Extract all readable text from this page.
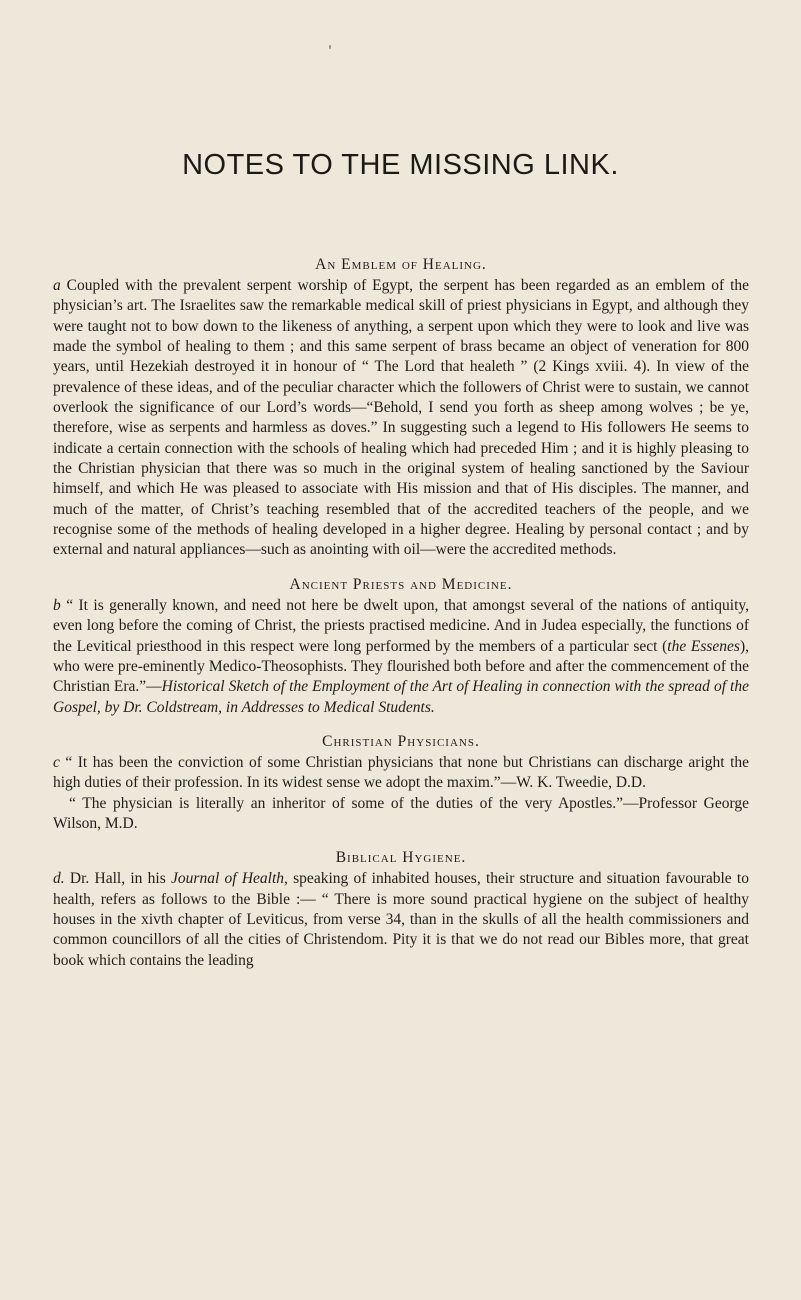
NOTES TO THE MISSING LINK.
An Emblem of Healing.

a Coupled with the prevalent serpent worship of Egypt, the serpent has been regarded as an emblem of the physician’s art. The Israelites saw the remarkable medical skill of priest physicians in Egypt, and although they were taught not to bow down to the likeness of anything, a serpent upon which they were to look and live was made the symbol of healing to them ; and this same serpent of brass became an object of veneration for 800 years, until Hezekiah destroyed it in honour of “ The Lord that healeth ” (2 Kings xviii. 4). In view of the prevalence of these ideas, and of the peculiar character which the followers of Christ were to sustain, we cannot overlook the significance of our Lord’s words—“Behold, I send you forth as sheep among wolves ; be ye, therefore, wise as serpents and harmless as doves.” In suggesting such a legend to His followers He seems to indicate a certain connection with the schools of healing which had preceded Him ; and it is highly pleasing to the Christian physician that there was so much in the original system of healing sanctioned by the Saviour himself, and which He was pleased to associate with His mission and that of His disciples. The manner, and much of the matter, of Christ’s teaching resembled that of the accredited teachers of the people, and we recognise some of the methods of healing developed in a higher degree. Healing by personal contact ; and by external and natural appliances—such as anointing with oil—were the accredited methods.

Ancient Priests and Medicine.

b “ It is generally known, and need not here be dwelt upon, that amongst several of the nations of antiquity, even long before the coming of Christ, the priests practised medicine. And in Judea especially, the functions of the Levitical priesthood in this respect were long performed by the members of a particular sect (the Essenes), who were pre-eminently Medico-Theosophists. They flourished both before and after the commencement of the Christian Era.”—Historical Sketch of the Employment of the Art of Healing in connection with the spread of the Gospel, by Dr. Coldstream, in Addresses to Medical Students.

Christian Physicians.

c “ It has been the conviction of some Christian physicians that none but Christians can discharge aright the high duties of their profession. In its widest sense we adopt the maxim.”—W. K. Tweedie, D.D.

“ The physician is literally an inheritor of some of the duties of the very Apostles.”—Professor George Wilson, M.D.

Biblical Hygiene.

d. Dr. Hall, in his Journal of Health, speaking of inhabited houses, their structure and situation favourable to health, refers as follows to the Bible :— “ There is more sound practical hygiene on the subject of healthy houses in the xivth chapter of Leviticus, from verse 34, than in the skulls of all the health commissioners and common councillors of all the cities of Christendom. Pity it is that we do not read our Bibles more, that great book which contains the leading
